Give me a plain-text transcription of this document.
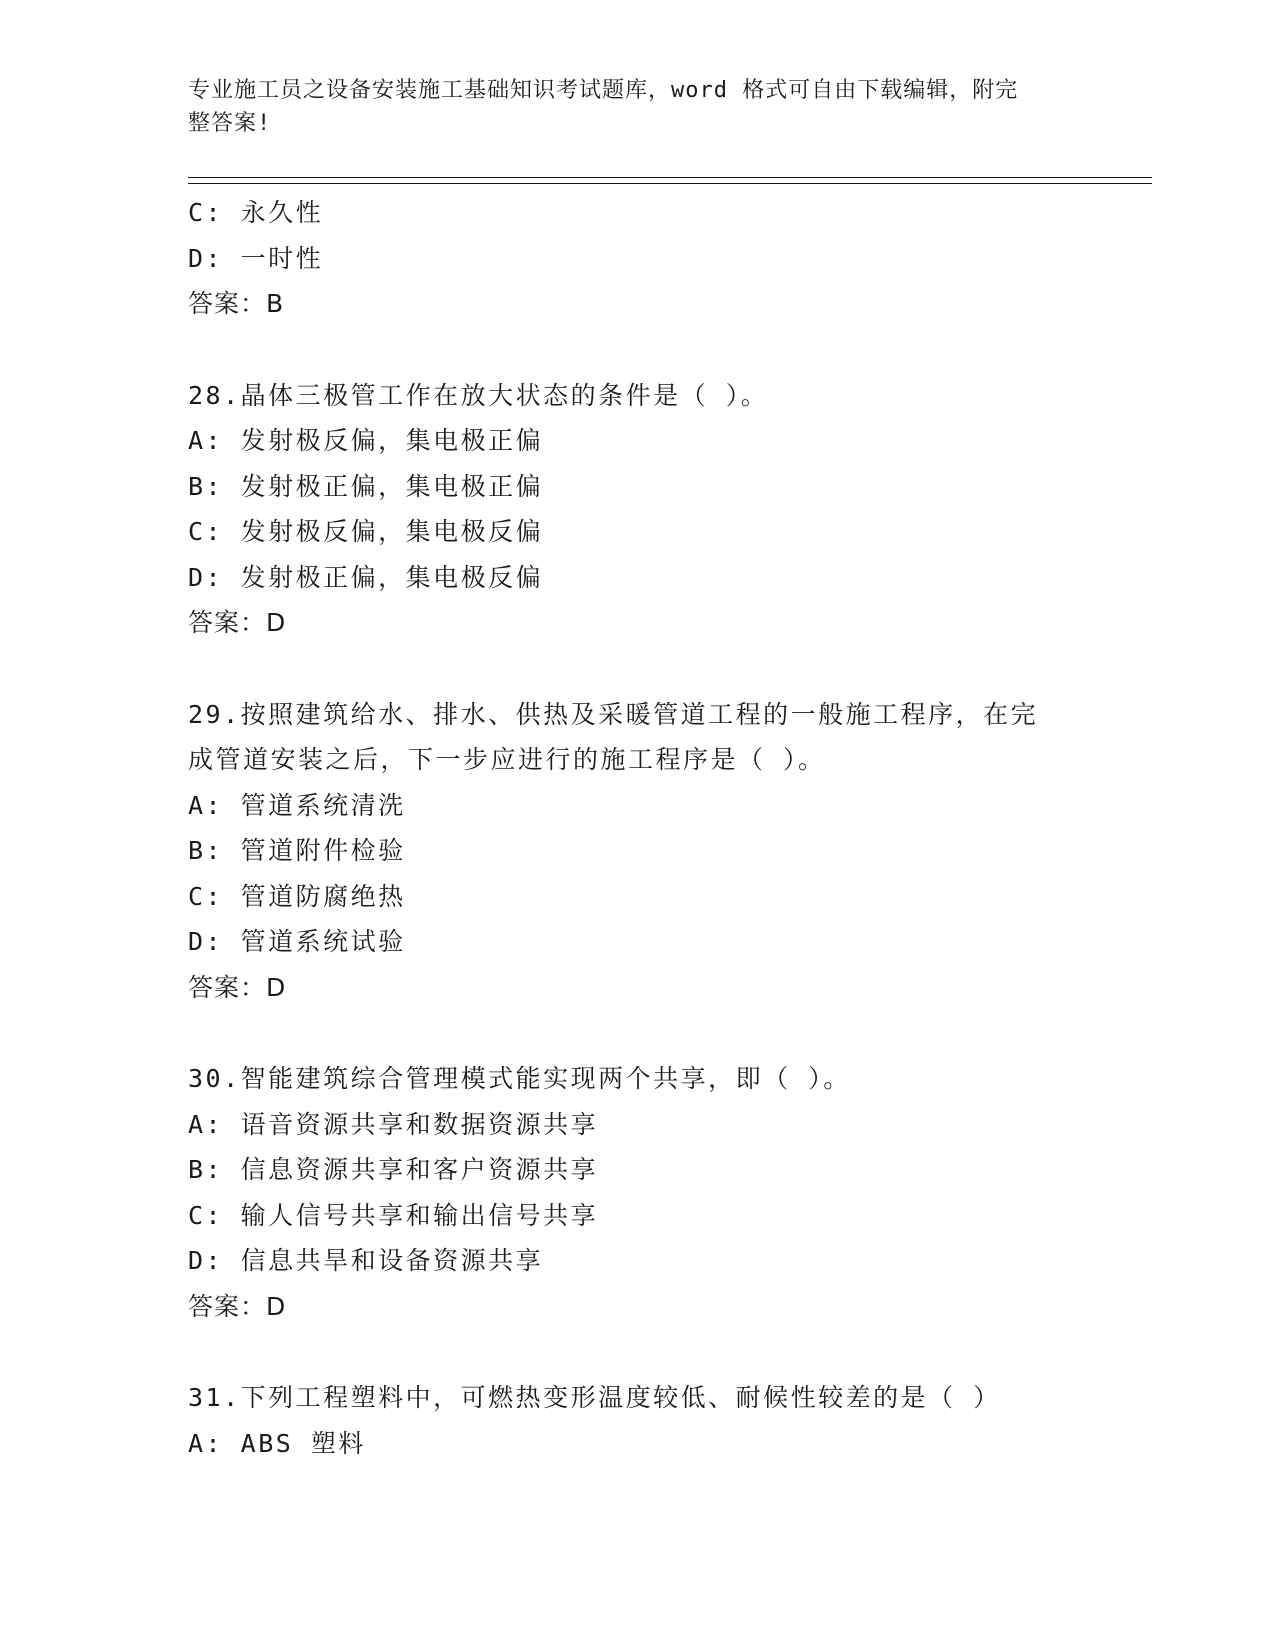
专业施工员之设备安装施工基础知识考试题库，word 格式可自由下载编辑，附完
整答案!
C: 永久性
D: 一时性
答案：B
28.晶体三极管工作在放大状态的条件是（ ）。
A: 发射极反偏，集电极正偏
B: 发射极正偏，集电极正偏
C: 发射极反偏，集电极反偏
D: 发射极正偏，集电极反偏
答案：D
29.按照建筑给水、排水、供热及采暖管道工程的一般施工程序，在完
成管道安装之后，下一步应进行的施工程序是（ ）。
A: 管道系统清洗
B: 管道附件检验
C: 管道防腐绝热
D: 管道系统试验
答案：D
30.智能建筑综合管理模式能实现两个共享，即（ ）。
A: 语音资源共享和数据资源共享
B: 信息资源共享和客户资源共享
C: 输人信号共享和输出信号共享
D: 信息共旱和设备资源共享
答案：D
31.下列工程塑料中，可燃热变形温度较低、耐候性较差的是（ ）
A: ABS 塑料
